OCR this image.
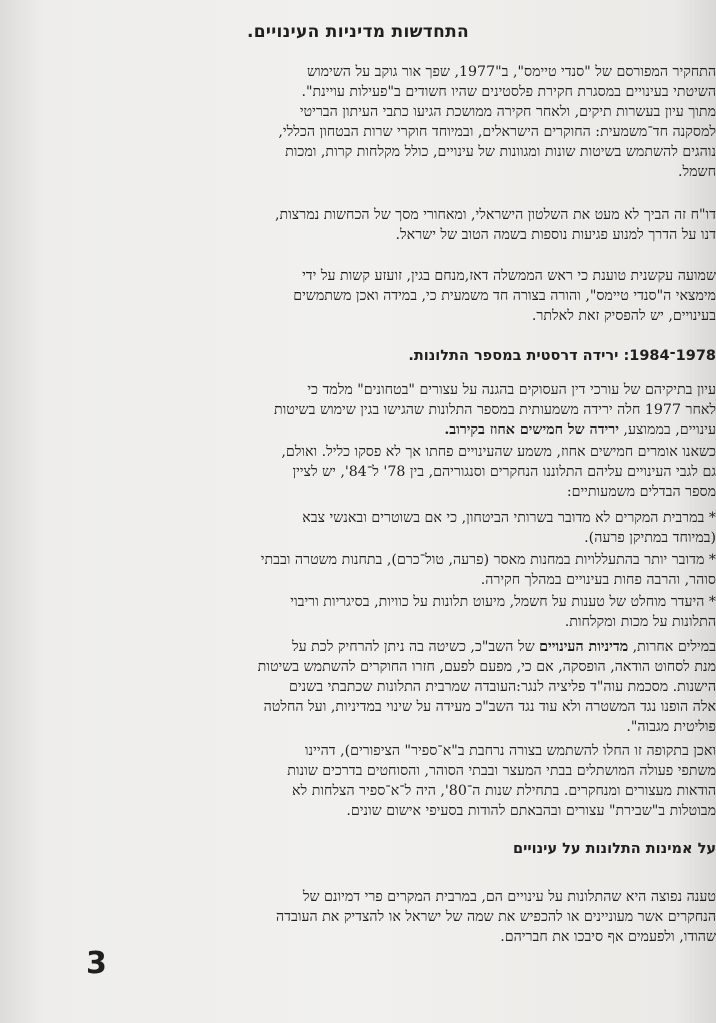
התחדשות מדיניות העינויים.
התחקיר המפורסם של "סנדי טיימס", ב"1977, שפך אור גוקב על השימוש
השיטתי בעינויים במסגרת חקירת פלסטינים שהיו חשודים ב"פעילות עויינת".
מתוך עיון בעשרות תיקים, ולאחר חקירה ממושכת הגיעו כתבי העיתון הבריטי
למסקנה חד־משמעית: החוקרים הישראלים, ובמיוחד חוקרי שרות הבטחון הכללי,
נוהגים להשתמש בשיטות שונות ומגוונות של עינויים, כולל מקלחות קרות, ומכות
חשמל.
דו"ח זה הביך לא מעט את השלטון הישראלי, ומאחורי מסך של הכחשות נמרצות,
דנו על הדרך למנוע פגיעות נוספות בשמה הטוב של ישראל.
שמועה עקשנית טוענת כי ראש הממשלה דאז,מנחם בגין, זועזע קשות על ידי
מימצאי ה"סנדי טיימס", והורה בצורה חד משמעית כי, במידה ואכן משתמשים
בעינויים, יש להפסיק זאת לאלתר.
1978־1984: ירידה דרסטית במספר התלונות.
עיון בתיקיהם של עורכי דין העסוקים בהגנה על עצורים "בטחונים" מלמד כי
לאחר 1977 חלה ירידה משמעותית במספר התלונות שהגישו בגין שימוש בשיטות
עינויים, בממוצע, ירידה של חמישים אחוז בקירוב.
כשאנו אומרים חמישים אחוז, משמע שהעינויים פחתו אך לא פסקו כליל. ואולם,
גם לגבי העינויים עליהם התלוננו הנחקרים וסנגוריהם, בין 78' ל־84', יש לציין
מספר הבדלים משמעותיים:
* במרבית המקרים לא מדובר בשרותי הביטחון, כי אם בשוטרים ובאנשי צבא
(במיוחד במתיקן פרעה).
* מדובר יותר בהתעללויות במחנות מאסר (פרעה, טול־כרם), בתחנות משטרה ובבתי
סוהר, והרבה פחות בעינויים במהלך חקירה.
* היעדר מוחלט של טענות על חשמל, מיעוט תלונות על כוויות, בסיגריות וריבוי
התלונות על מכות ומקלחות.
במילים אחרות, מדיניות העינויים של השב"כ, כשיטה בה ניתן להרחיק לכת על
מנת לסחוט הודאה, הופסקה, אם כי, מפעם לפעם, חזרו החוקרים להשתמש בשיטות
הישנות. מסכמת עוה"ד פליציה לנגר:העובדה שמרבית התלונות שכתבתי בשנים
אלה הופנו נגד המשטרה ולא עוד נגד השב"כ מעידה על שינוי במדיניות, ועל החלטה
פוליטית מגבוה".
ואכן בתקופה זו החלו להשתמש בצורה נרחבת ב"א־ספיר" הציפורים), דהיינו
משתפי פעולה המושתלים בבתי המעצר ובבתי הסוהר, והסוחטים בדרכים שונות
הודאות מעצורים ומנחקרים. בתחילת שנות ה־80', היה ל־א־ספיר הצלחות לא
מבוטלות ב"שבירת" עצורים ובהבאתם להודות בסעיפי אישום שונים.
על אמינות התלונות על עינויים
טענה נפוצה היא שהתלונות על עינויים הם, במרבית המקרים פרי דמיונם של
הנחקרים אשר מעוניינים או להכפיש את שמה של ישראל או להצדיק את העובדה
שהודו, ולפעמים אף סיבכו את חבריהם.
3
